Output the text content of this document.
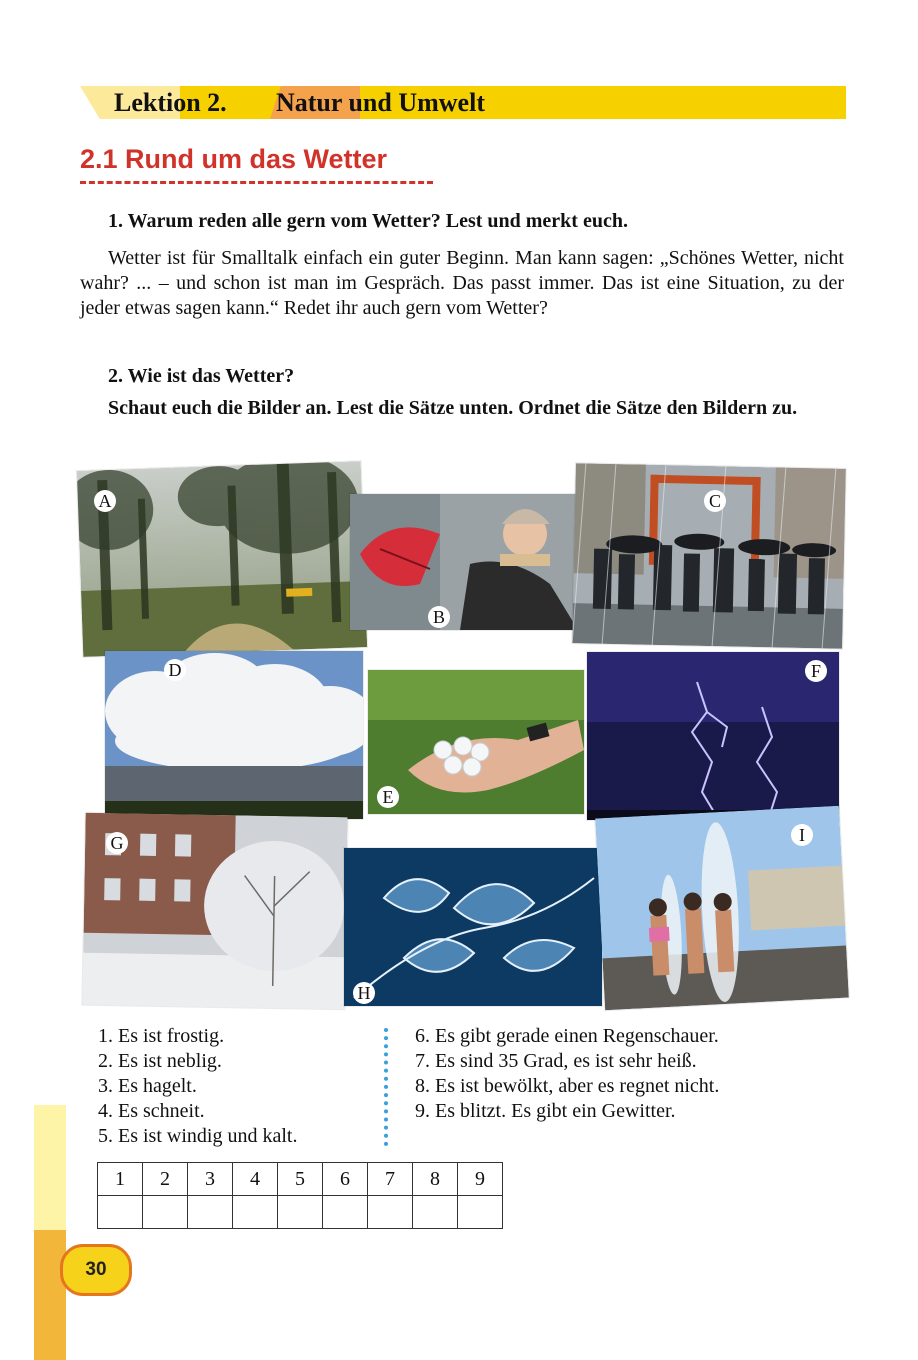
Lektion 2. Natur und Umwelt
2.1 Rund um das Wetter
1. Warum reden alle gern vom Wetter? Lest und merkt euch.
Wetter ist für Smalltalk einfach ein guter Beginn. Man kann sagen: „Schönes Wetter, nicht wahr? ... – und schon ist man im Gespräch. Das passt immer. Das ist eine Situation, zu der jeder etwas sagen kann.“ Redet ihr auch gern vom Wetter?
2. Wie ist das Wetter?
Schaut euch die Bilder an. Lest die Sätze unten. Ordnet die Sätze den Bildern zu.
A
B
C
D
E
F
G
H
I
1. Es ist frostig.
2. Es ist neblig.
3. Es hagelt.
4. Es schneit.
5. Es ist windig und kalt.
6. Es gibt gerade einen Regenschauer.
7. Es sind 35 Grad, es ist sehr heiß.
8. Es ist bewölkt, aber es regnet nicht.
9. Es blitzt. Es gibt ein Gewitter.
1	2	3	4	5	6	7	8	9

30
